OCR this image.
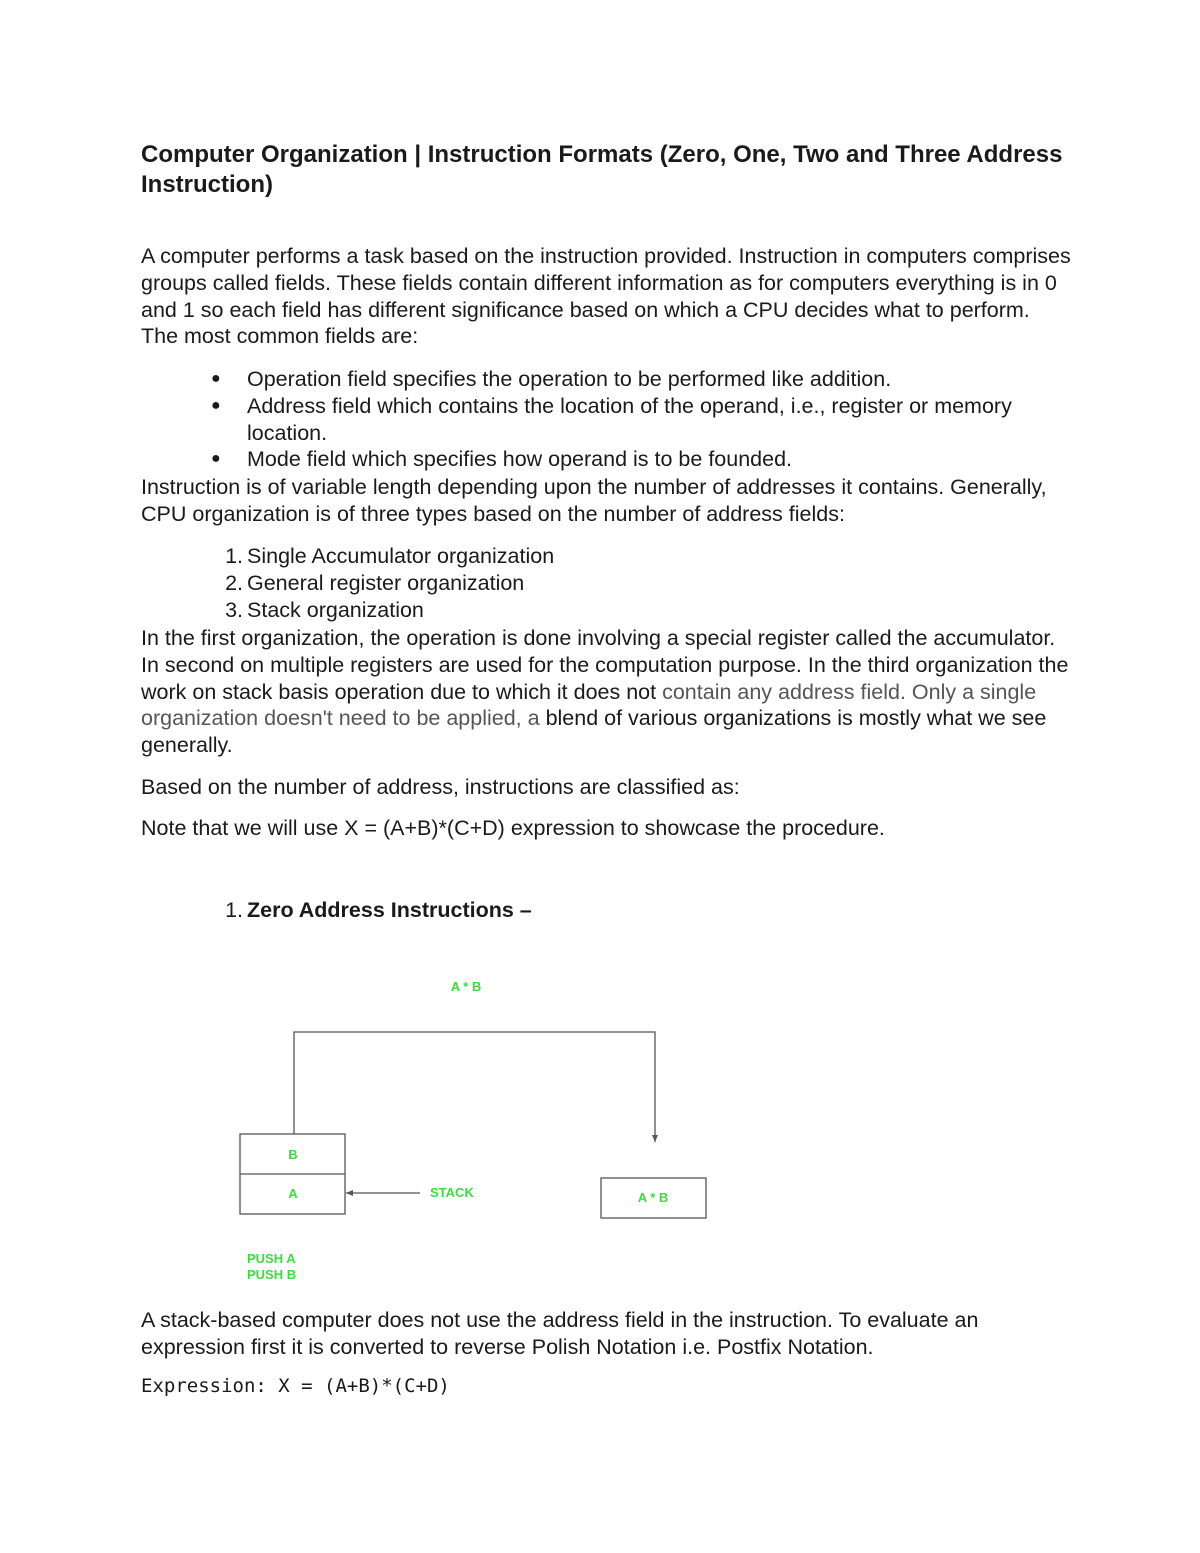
Computer Organization | Instruction Formats (Zero, One, Two and Three Address Instruction)

A computer performs a task based on the instruction provided. Instruction in computers comprises groups called fields. These fields contain different information as for computers everything is in 0 and 1 so each field has different significance based on which a CPU decides what to perform. The most common fields are:

● Operation field specifies the operation to be performed like addition.
● Address field which contains the location of the operand, i.e., register or memory location.
● Mode field which specifies how operand is to be founded.

Instruction is of variable length depending upon the number of addresses it contains. Generally, CPU organization is of three types based on the number of address fields:

1. Single Accumulator organization
2. General register organization
3. Stack organization

In the first organization, the operation is done involving a special register called the accumulator. In second on multiple registers are used for the computation purpose. In the third organization the work on stack basis operation due to which it does not contain any address field. Only a single organization doesn't need to be applied, a blend of various organizations is mostly what we see generally.

Based on the number of address, instructions are classified as:

Note that we will use X = (A+B)*(C+D) expression to showcase the procedure.

1. Zero Address Instructions –
A * B
B
A	STACK	A * B
PUSH A
PUSH B

A stack-based computer does not use the address field in the instruction. To evaluate an expression first it is converted to reverse Polish Notation i.e. Postfix Notation.

Expression: X = (A+B)*(C+D)
